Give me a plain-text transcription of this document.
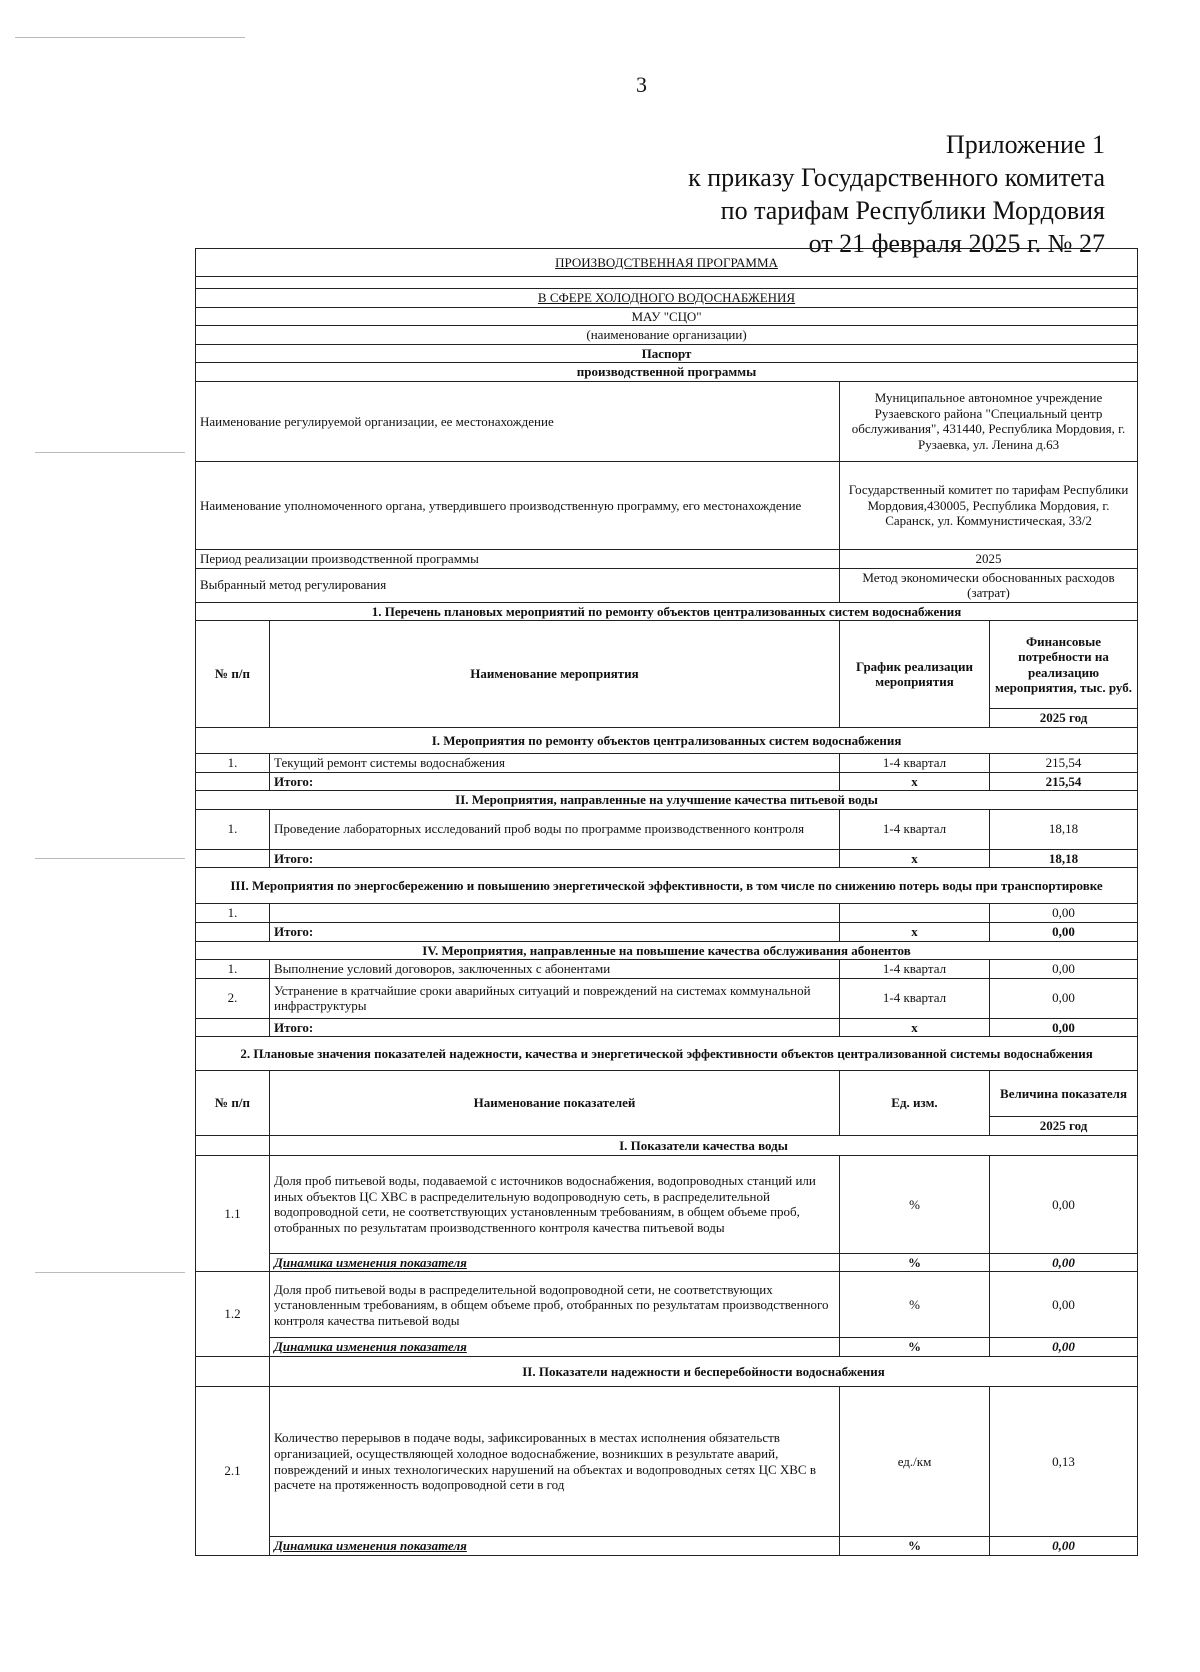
3
Приложение 1
к приказу Государственного комитета
по тарифам Республики Мордовия
от 21 февраля 2025 г. № 27
ПРОИЗВОДСТВЕННАЯ ПРОГРАММА			

В СФЕРЕ ХОЛОДНОГО ВОДОСНАБЖЕНИЯ			
МАУ "СЦО"			
(наименование организации)			
Паспорт			
производственной программы			
Наименование регулируемой организации, ее местонахождение		Муниципальное автономное учреждение Рузаевского района "Специальный центр обслуживания", 431440, Республика Мордовия, г. Рузаевка, ул. Ленина д.63	
Наименование уполномоченного органа, утвердившего производственную программу, его местонахождение		Государственный комитет по тарифам Республики Мордовия,430005, Республика Мордовия, г. Саранск, ул. Коммунистическая, 33/2	
Период реализации производственной программы		2025	
Выбранный метод регулирования		Метод экономически обоснованных расходов (затрат)	
1. Перечень плановых мероприятий по ремонту объектов централизованных систем водоснабжения			
№ п/п	Наименование мероприятия	График реализации мероприятия	Финансовые потребности на реализацию мероприятия, тыс. руб.
			2025 год
I. Мероприятия по ремонту объектов централизованных систем водоснабжения			
1.	Текущий ремонт системы водоснабжения	1-4 квартал	215,54
	Итого:	х	215,54
II. Мероприятия, направленные на улучшение качества питьевой воды			
1.	Проведение лабораторных исследований проб воды по программе производственного контроля	1-4 квартал	18,18
	Итого:	х	18,18
III. Мероприятия по энергосбережению и повышению энергетической эффективности, в том числе по снижению потерь воды при транспортировке			
1.			0,00
	Итого:	х	0,00
IV. Мероприятия, направленные на повышение качества обслуживания абонентов			
1.	Выполнение условий договоров, заключенных с абонентами	1-4 квартал	0,00
2.	Устранение в кратчайшие сроки аварийных ситуаций и повреждений на системах коммунальной инфраструктуры	1-4 квартал	0,00
	Итого:	х	0,00
2. Плановые значения показателей надежности, качества и энергетической эффективности объектов централизованной системы водоснабжения			
№ п/п	Наименование показателей	Ед. изм.	Величина показателя
			2025 год
	I. Показатели качества воды		
1.1	Доля проб питьевой воды, подаваемой с источников водоснабжения, водопроводных станций или иных объектов ЦС ХВС в распределительную водопроводную сеть, в распределительной водопроводной сети, не соответствующих установленным требованиям, в общем объеме проб, отобранных по результатам производственного контроля качества питьевой воды	%	0,00
	Динамика изменения показателя	%	0,00
1.2	Доля проб питьевой воды в распределительной водопроводной сети, не соответствующих установленным требованиям, в общем объеме проб, отобранных по результатам производственного контроля качества питьевой воды	%	0,00
	Динамика изменения показателя	%	0,00
	II. Показатели надежности и бесперебойности водоснабжения		
2.1	Количество перерывов в подаче воды, зафиксированных в местах исполнения обязательств организацией, осуществляющей холодное водоснабжение, возникших в результате аварий, повреждений и иных технологических нарушений на объектах и водопроводных сетях ЦС ХВС в расчете на протяженность водопроводной сети в год	ед./км	0,13
	Динамика изменения показателя	%	0,00
